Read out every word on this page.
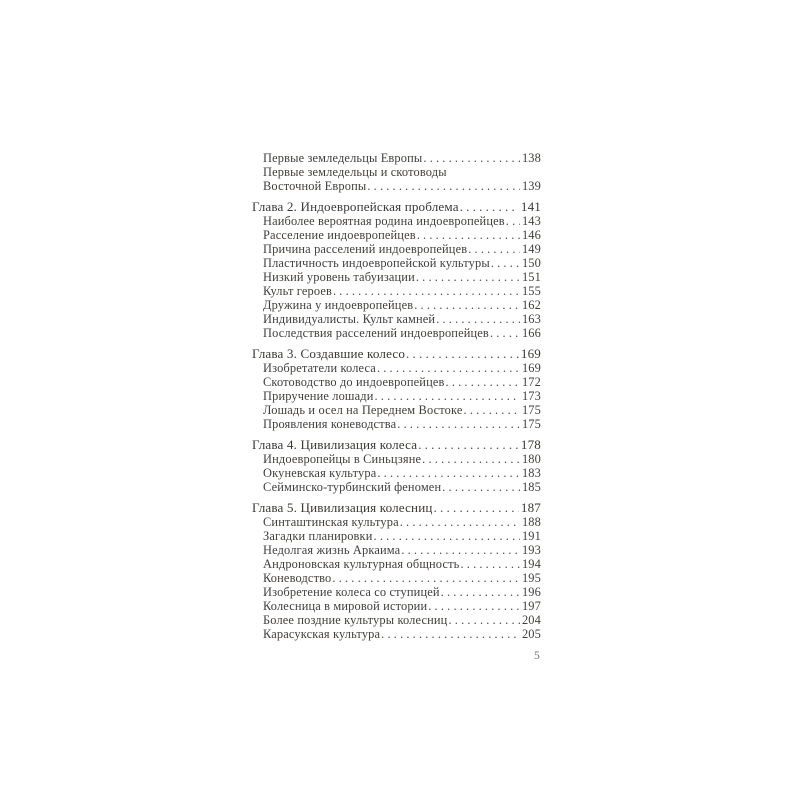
Первые земледельцы Европы .....	138
Первые земледельцы и скотоводы
Восточной Европы .....	139
Глава 2. Индоевропейская проблема .....	141
Наиболее вероятная родина индоевропейцев ..... 143
Расселение индоевропейцев .....	146
Причина расселений индоевропейцев .....	149
Пластичность индоевропейской культуры .....	150
Низкий уровень табуизации .....	151
Культ героев .....	155
Дружина у индоевропейцев .....	162
Индивидуалисты. Культ камней .....	163
Последствия расселений индоевропейцев .....	166
Глава 3. Создавшие колесо .....	169
Изобретатели колеса .....	169
Скотоводство до индоевропейцев .....	172
Приручение лошади .....	173
Лошадь и осел на Переднем Востоке .....	175
Проявления коневодства .....	175
Глава 4. Цивилизация колеса .....	178
Индоевропейцы в Синьцзяне .....	180
Окуневская культура .....	183
Сейминско-турбинский феномен .....	185
Глава 5. Цивилизация колесниц .....	187
Синташтинская культура .....	188
Загадки планировки .....	191
Недолгая жизнь Аркаима .....	193
Андроновская культурная общность .....	194
Коневодство .....	195
Изобретение колеса со ступицей .....	196
Колесница в мировой истории .....	197
Более поздние культуры колесниц .....	204
Карасукская культура .....	205
5
